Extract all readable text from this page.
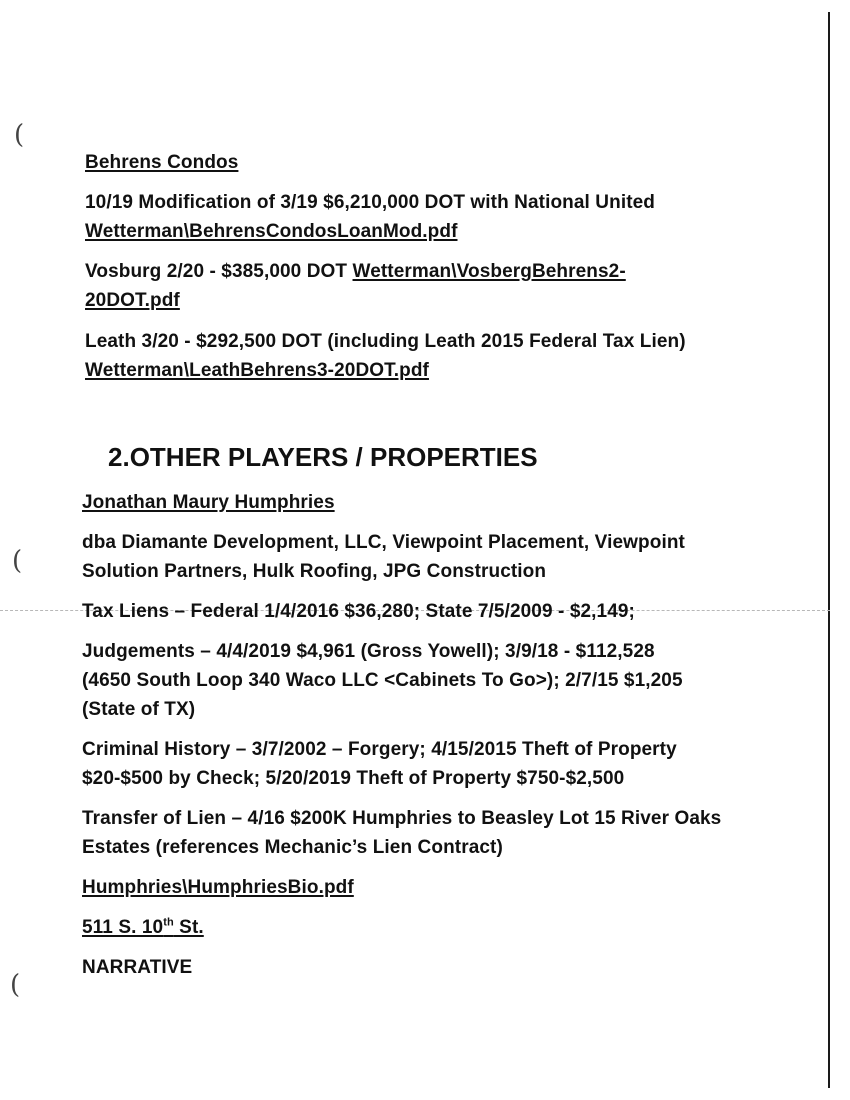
(
(
(
Behrens Condos
10/19 Modification of 3/19 $6,210,000 DOT with National United
Wetterman\BehrensCondosLoanMod.pdf
Vosburg 2/20 - $385,000 DOT Wetterman\VosbergBehrens2-
20DOT.pdf
Leath 3/20 - $292,500 DOT (including Leath 2015 Federal Tax Lien)
Wetterman\LeathBehrens3-20DOT.pdf
2.OTHER PLAYERS / PROPERTIES
Jonathan Maury Humphries
dba Diamante Development, LLC, Viewpoint Placement, Viewpoint
Solution Partners, Hulk Roofing, JPG Construction
Tax Liens – Federal 1/4/2016 $36,280; State 7/5/2009 - $2,149;
Judgements – 4/4/2019 $4,961 (Gross Yowell); 3/9/18 - $112,528
(4650 South Loop 340 Waco LLC <Cabinets To Go>); 2/7/15 $1,205
(State of TX)
Criminal History – 3/7/2002 – Forgery; 4/15/2015 Theft of Property
$20-$500 by Check; 5/20/2019 Theft of Property $750-$2,500
Transfer of Lien – 4/16 $200K Humphries to Beasley Lot 15 River Oaks
Estates (references Mechanic’s Lien Contract)
Humphries\HumphriesBio.pdf
511 S. 10th St.
NARRATIVE
